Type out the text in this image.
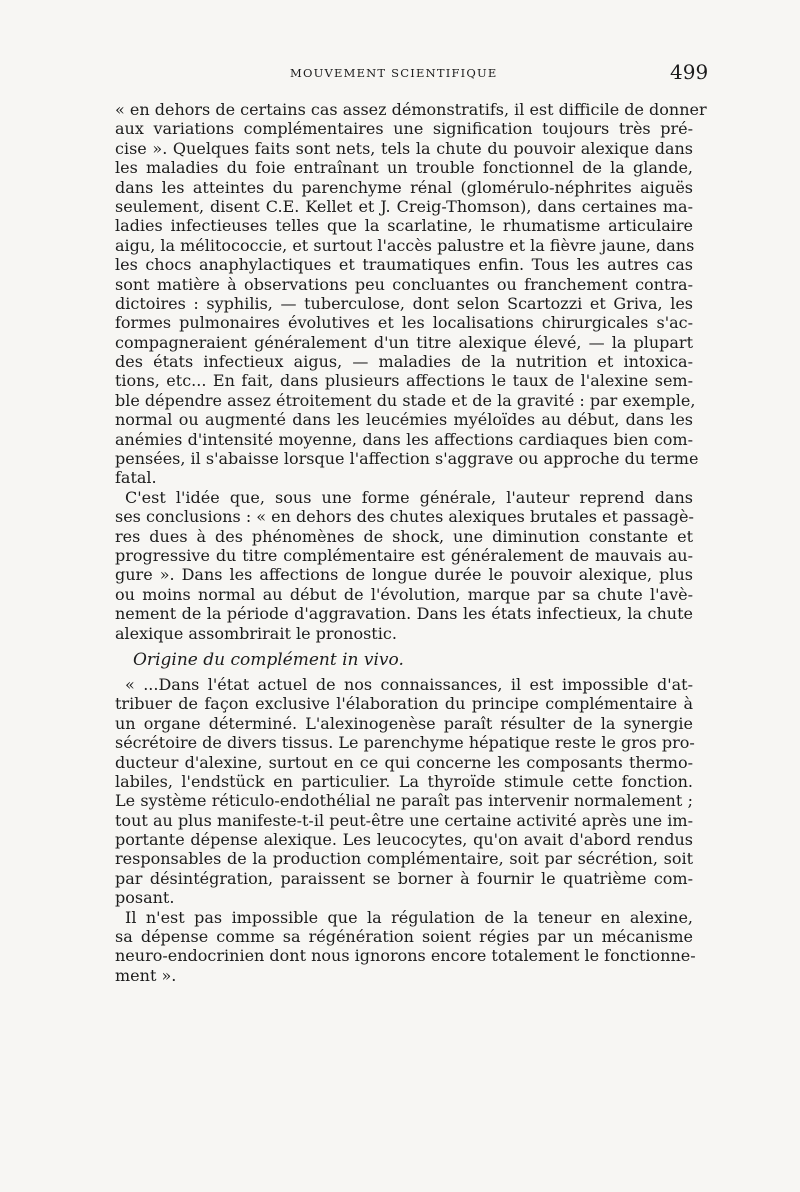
MOUVEMENT SCIENTIFIQUE	499
« en dehors de certains cas assez démonstratifs, il est difficile de donner
aux variations complémentaires une signification toujours très pré-
cise ». Quelques faits sont nets, tels la chute du pouvoir alexique dans
les maladies du foie entraînant un trouble fonctionnel de la glande,
dans les atteintes du parenchyme rénal (glomérulo-néphrites aiguës
seulement, disent C.E. Kellet et J. Creig-Thomson), dans certaines ma-
ladies infectieuses telles que la scarlatine, le rhumatisme articulaire
aigu, la mélitococcie, et surtout l'accès palustre et la fièvre jaune, dans
les chocs anaphylactiques et traumatiques enfin. Tous les autres cas
sont matière à observations peu concluantes ou franchement contra-
dictoires : syphilis, — tuberculose, dont selon Scartozzi et Griva, les
formes pulmonaires évolutives et les localisations chirurgicales s'ac-
compagneraient généralement d'un titre alexique élevé, — la plupart
des états infectieux aigus, — maladies de la nutrition et intoxica-
tions, etc... En fait, dans plusieurs affections le taux de l'alexine sem-
ble dépendre assez étroitement du stade et de la gravité : par exemple,
normal ou augmenté dans les leucémies myéloïdes au début, dans les
anémies d'intensité moyenne, dans les affections cardiaques bien com-
pensées, il s'abaisse lorsque l'affection s'aggrave ou approche du terme
fatal.
C'est l'idée que, sous une forme générale, l'auteur reprend dans
ses conclusions : « en dehors des chutes alexiques brutales et passagè-
res dues à des phénomènes de shock, une diminution constante et
progressive du titre complémentaire est généralement de mauvais au-
gure ». Dans les affections de longue durée le pouvoir alexique, plus
ou moins normal au début de l'évolution, marque par sa chute l'avè-
nement de la période d'aggravation. Dans les états infectieux, la chute
alexique assombrirait le pronostic.
Origine du complément in vivo.
« ...Dans l'état actuel de nos connaissances, il est impossible d'at-
tribuer de façon exclusive l'élaboration du principe complémentaire à
un organe déterminé. L'alexinogenèse paraît résulter de la synergie
sécrétoire de divers tissus. Le parenchyme hépatique reste le gros pro-
ducteur d'alexine, surtout en ce qui concerne les composants thermo-
labiles, l'endstück en particulier. La thyroïde stimule cette fonction.
Le système réticulo-endothélial ne paraît pas intervenir normalement ;
tout au plus manifeste-t-il peut-être une certaine activité après une im-
portante dépense alexique. Les leucocytes, qu'on avait d'abord rendus
responsables de la production complémentaire, soit par sécrétion, soit
par désintégration, paraissent se borner à fournir le quatrième com-
posant.
Il n'est pas impossible que la régulation de la teneur en alexine,
sa dépense comme sa régénération soient régies par un mécanisme
neuro-endocrinien dont nous ignorons encore totalement le fonctionne-
ment ».
